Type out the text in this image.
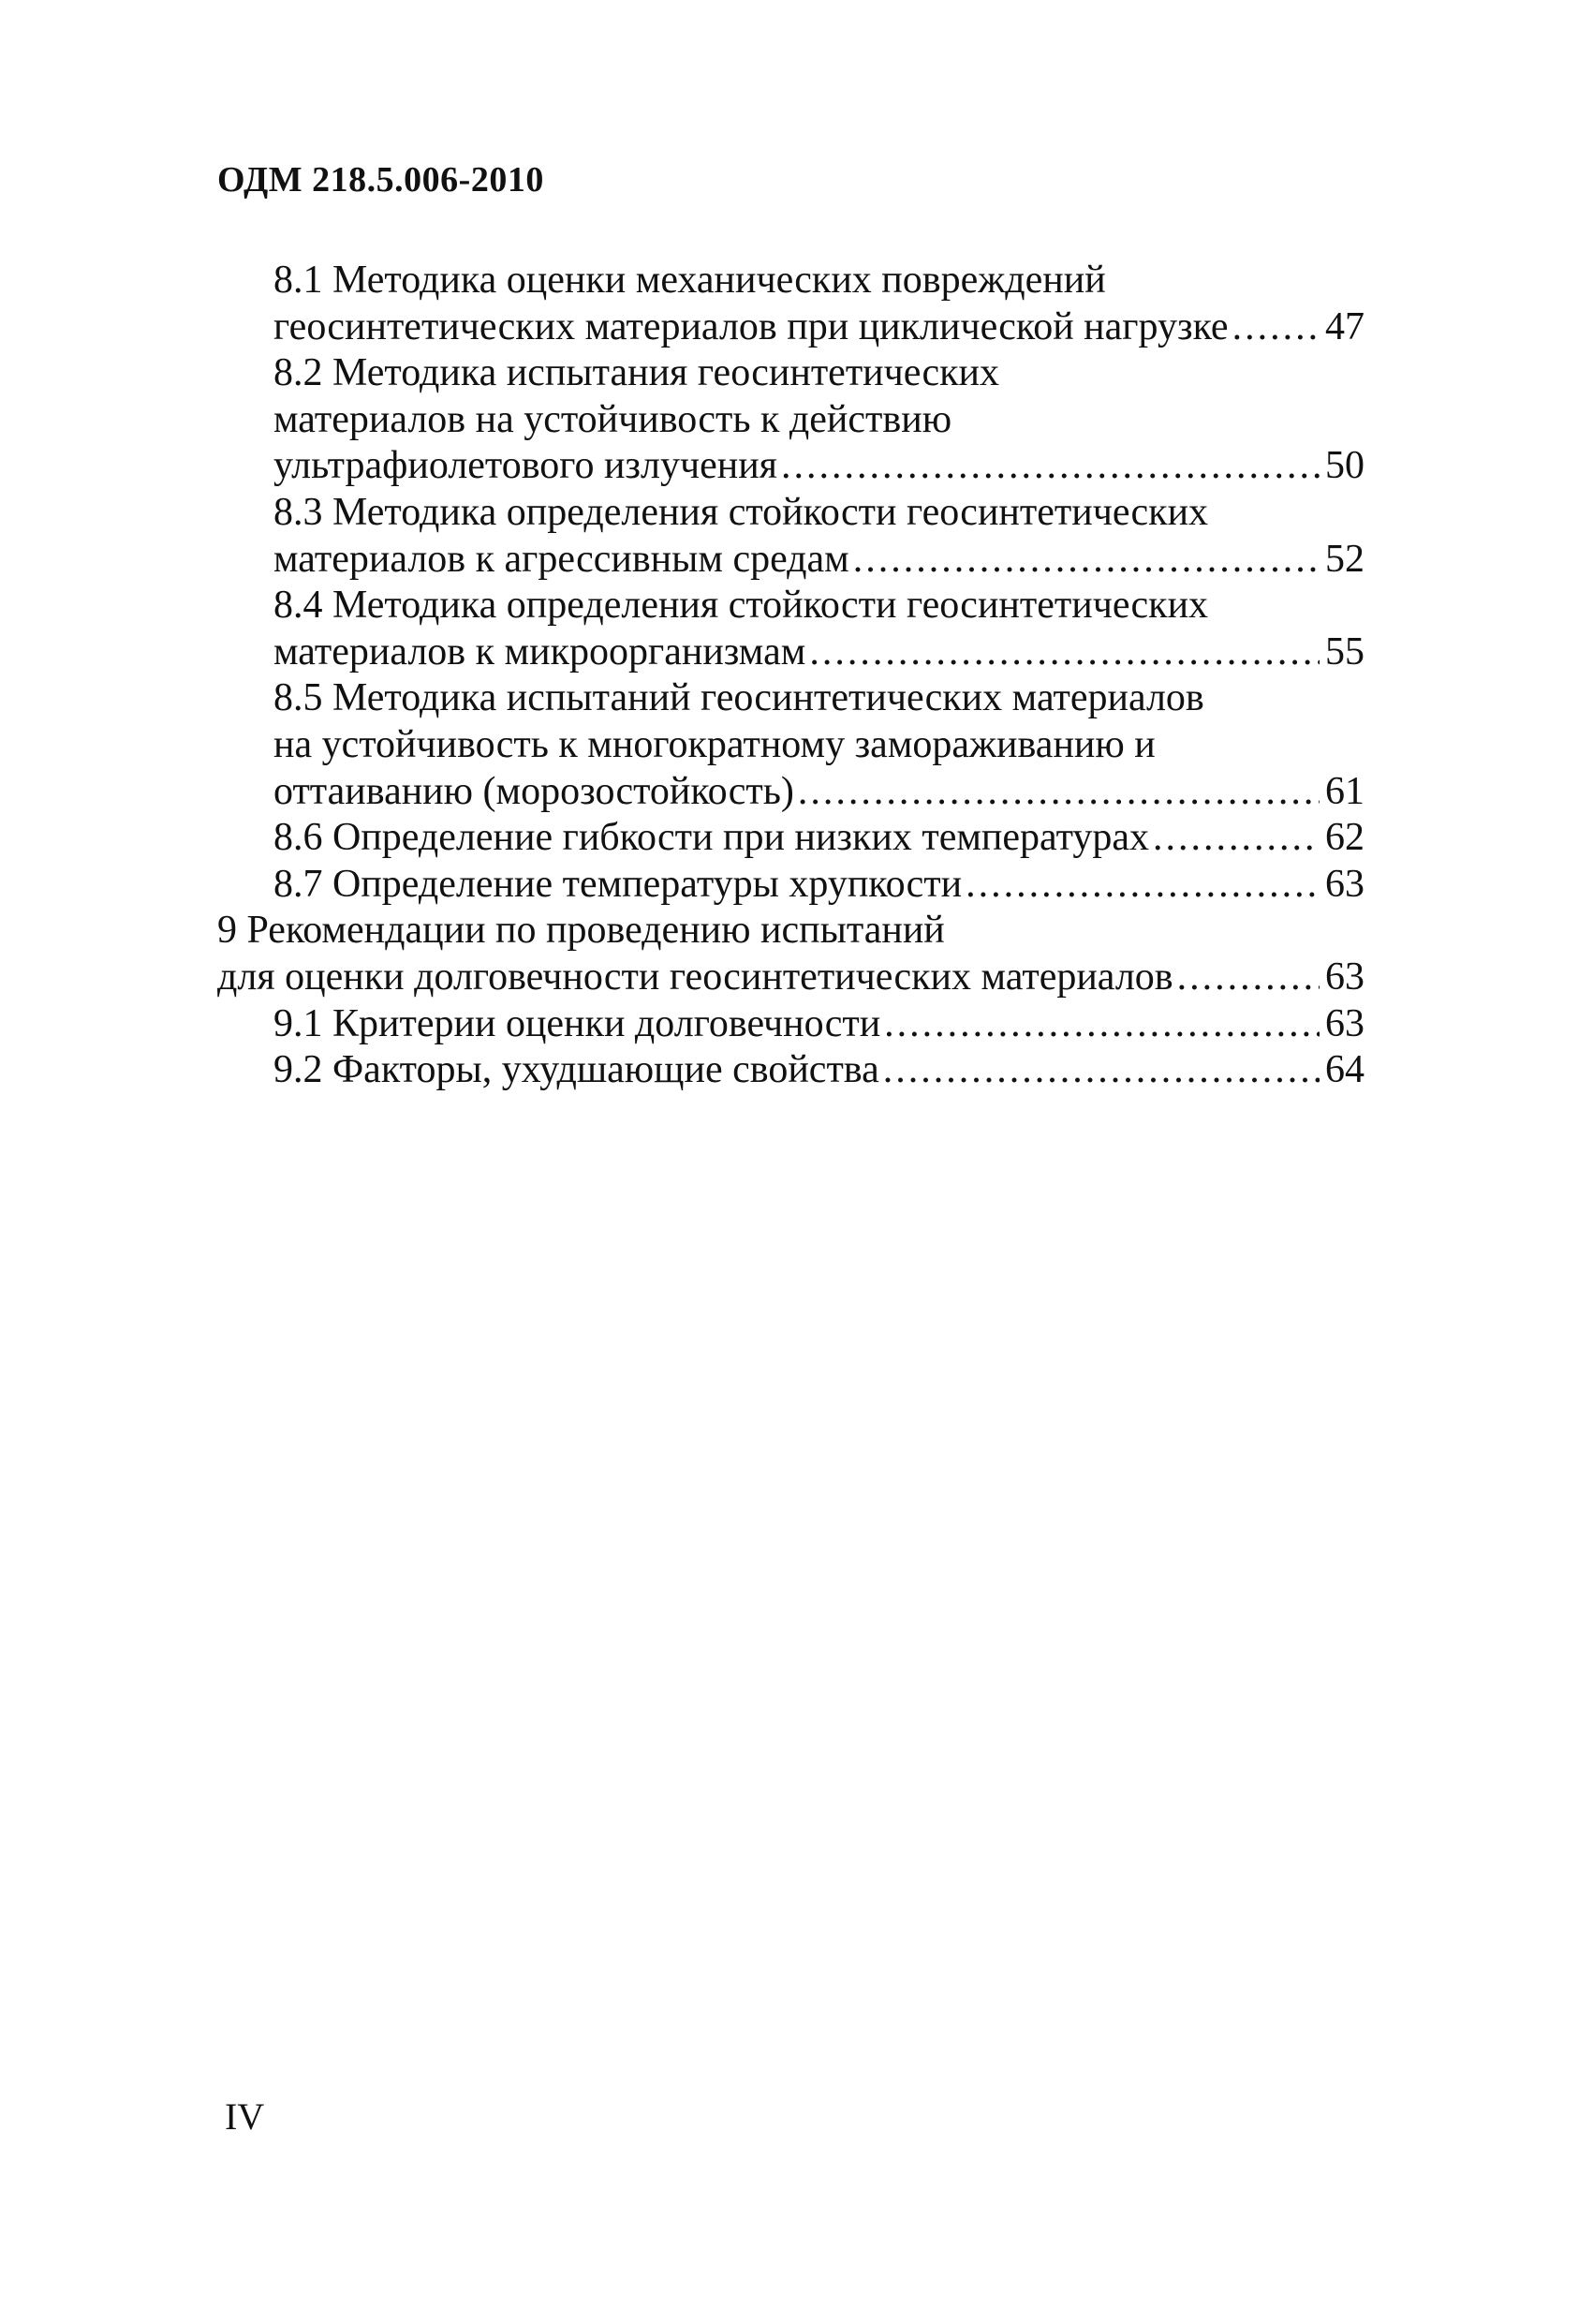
ОДМ 218.5.006-2010
8.1 Методика оценки механических повреждений
геосинтетических материалов при циклической нагрузке ..... 47
8.2 Методика испытания геосинтетических
материалов на устойчивость к действию
ультрафиолетового излучения .....	50
8.3 Методика определения стойкости геосинтетических
материалов к агрессивным средам .....	52
8.4 Методика определения стойкости геосинтетических
материалов к микроорганизмам .....	55
8.5 Методика испытаний геосинтетических материалов
на устойчивость к многократному замораживанию и
оттаиванию (морозостойкость) .....	61
8.6 Определение гибкости при низких температурах .....	62
8.7 Определение температуры хрупкости .....	63
9 Рекомендации по проведению испытаний
для оценки долговечности геосинтетических материалов .....	63
9.1 Критерии оценки долговечности .....	63
9.2 Факторы, ухудшающие свойства .....	64
IV
